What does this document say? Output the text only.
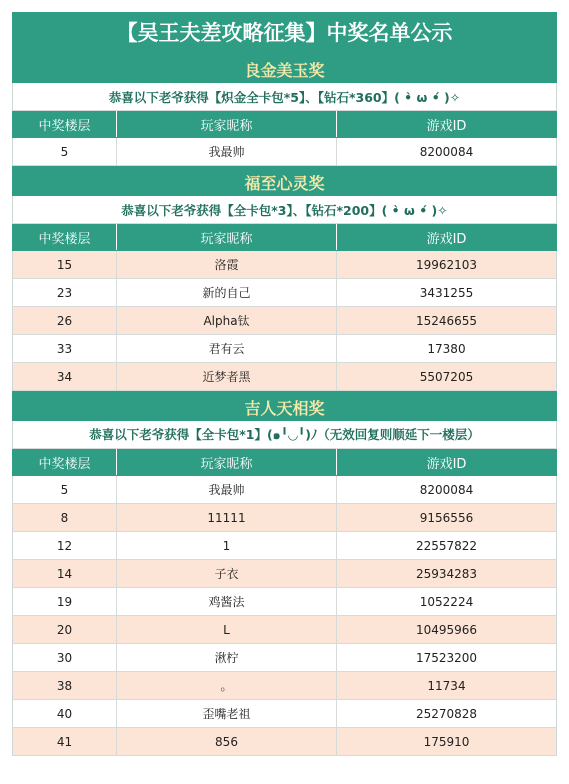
【吴王夫差攻略征集】中奖名单公示
良金美玉奖
恭喜以下老爷获得【炽金全卡包*5】、【钻石*360】( •̀ ω •́ )✧
中奖楼层	玩家昵称	游戏ID
5	我最帅	8200084
福至心灵奖
恭喜以下老爷获得【全卡包*3】、【钻石*200】( •̀ ω •́ )✧
中奖楼层	玩家昵称	游戏ID
15	洛霞	19962103
23	新的自己	3431255
26	Alpha钛	15246655
33	君有云	17380
34	近梦者黑	5507205
吉人天相奖
恭喜以下老爷获得【全卡包*1】(๑╹◡╹)ﾉ（无效回复则顺延下一楼层）
中奖楼层	玩家昵称	游戏ID
5	我最帅	8200084
8	11111	9156556
12	1	22557822
14	子衣	25934283
19	鸡酱法	1052224
20	L	10495966
30	湫柠	17523200
38	。	11734
40	歪嘴老祖	25270828
41	856	175910
